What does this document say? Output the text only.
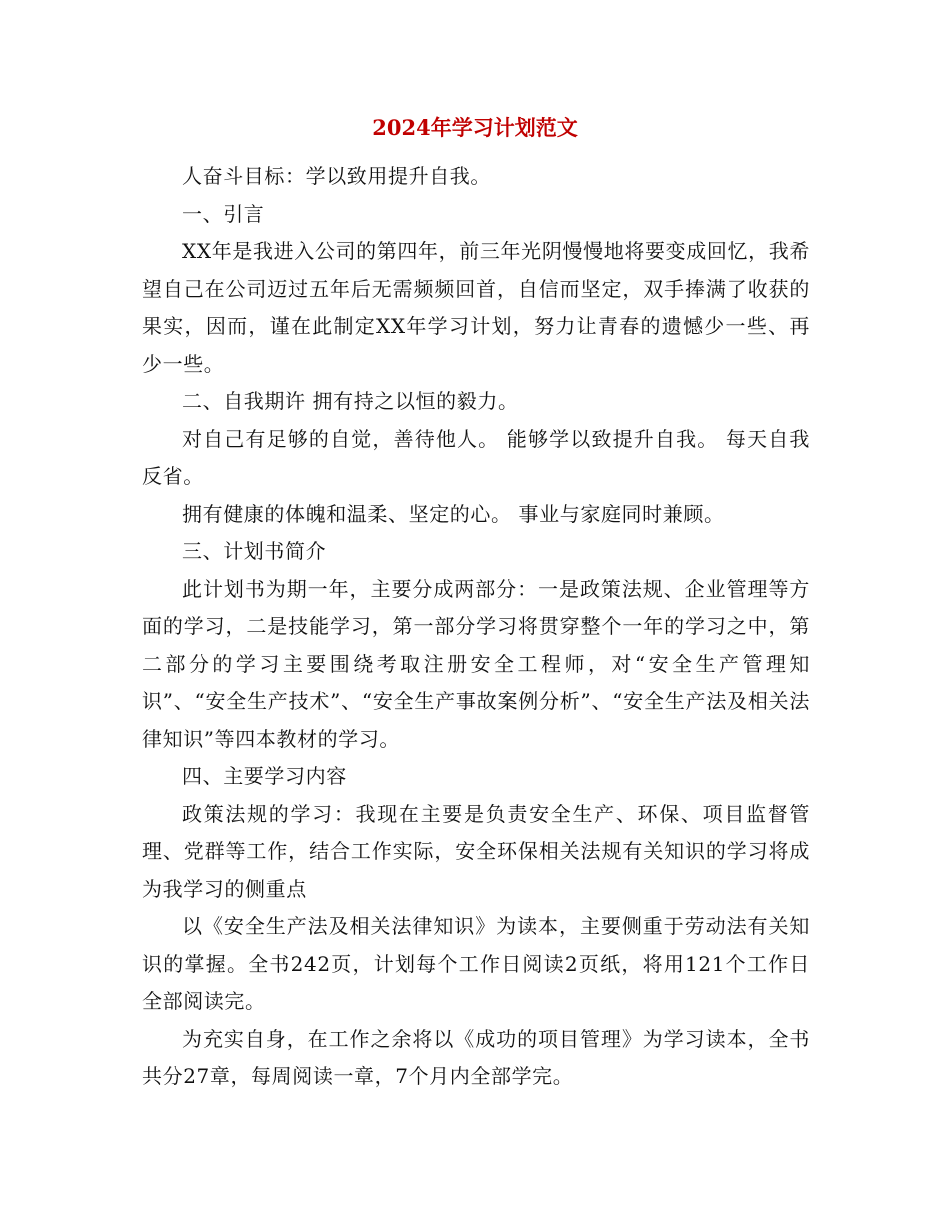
2024年学习计划范文

人奋斗目标：学以致用提升自我。

一、引言

XX年是我进入公司的第四年，前三年光阴慢慢地将要变成回忆，我希望自己在公司迈过五年后无需频频回首，自信而坚定，双手捧满了收获的果实，因而，谨在此制定XX年学习计划，努力让青春的遗憾少一些、再少一些。

二、自我期许 拥有持之以恒的毅力。

对自己有足够的自觉，善待他人。 能够学以致提升自我。 每天自我反省。

拥有健康的体魄和温柔、坚定的心。 事业与家庭同时兼顾。

三、计划书简介

此计划书为期一年，主要分成两部分：一是政策法规、企业管理等方面的学习，二是技能学习，第一部分学习将贯穿整个一年的学习之中，第二部分的学习主要围绕考取注册安全工程师，对“安全生产管理知识”、“安全生产技术”、“安全生产事故案例分析”、“安全生产法及相关法律知识”等四本教材的学习。

四、主要学习内容

政策法规的学习：我现在主要是负责安全生产、环保、项目监督管理、党群等工作，结合工作实际，安全环保相关法规有关知识的学习将成为我学习的侧重点

以《安全生产法及相关法律知识》为读本，主要侧重于劳动法有关知识的掌握。全书242页，计划每个工作日阅读2页纸，将用121个工作日全部阅读完。

为充实自身，在工作之余将以《成功的项目管理》为学习读本，全书共分27章，每周阅读一章，7个月内全部学完。
